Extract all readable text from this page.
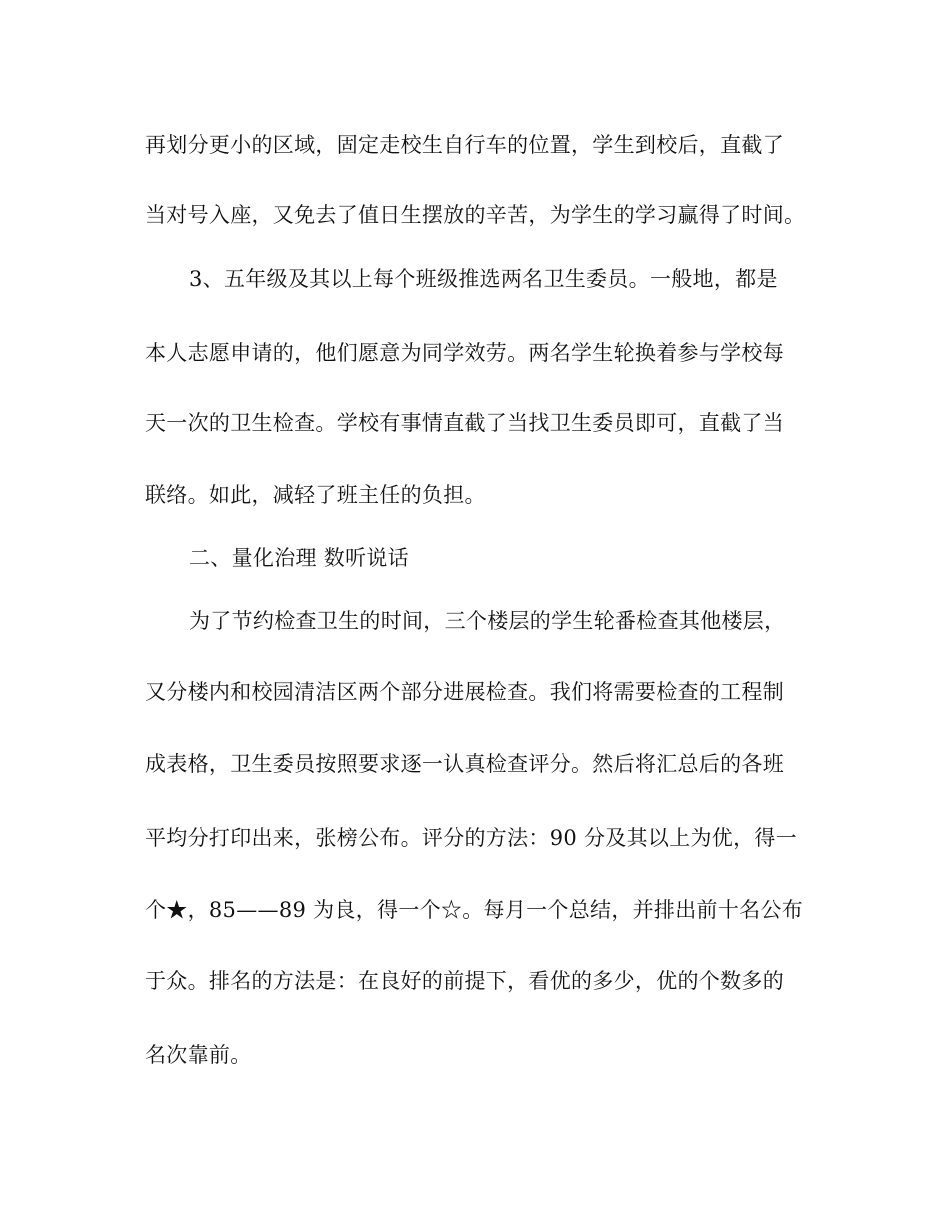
再划分更小的区域，固定走校生自行车的位置，学生到校后，直截了
当对号入座，又免去了值日生摆放的辛苦，为学生的学习赢得了时间。
3、五年级及其以上每个班级推选两名卫生委员。一般地，都是
本人志愿申请的，他们愿意为同学效劳。两名学生轮换着参与学校每
天一次的卫生检查。学校有事情直截了当找卫生委员即可，直截了当
联络。如此，减轻了班主任的负担。
二、量化治理 数听说话
为了节约检查卫生的时间，三个楼层的学生轮番检查其他楼层，
又分楼内和校园清洁区两个部分进展检查。我们将需要检查的工程制
成表格，卫生委员按照要求逐一认真检查评分。然后将汇总后的各班
平均分打印出来，张榜公布。评分的方法：90 分及其以上为优，得一
个★，85——89 为良，得一个☆。每月一个总结，并排出前十名公布
于众。排名的方法是：在良好的前提下，看优的多少，优的个数多的
名次靠前。
